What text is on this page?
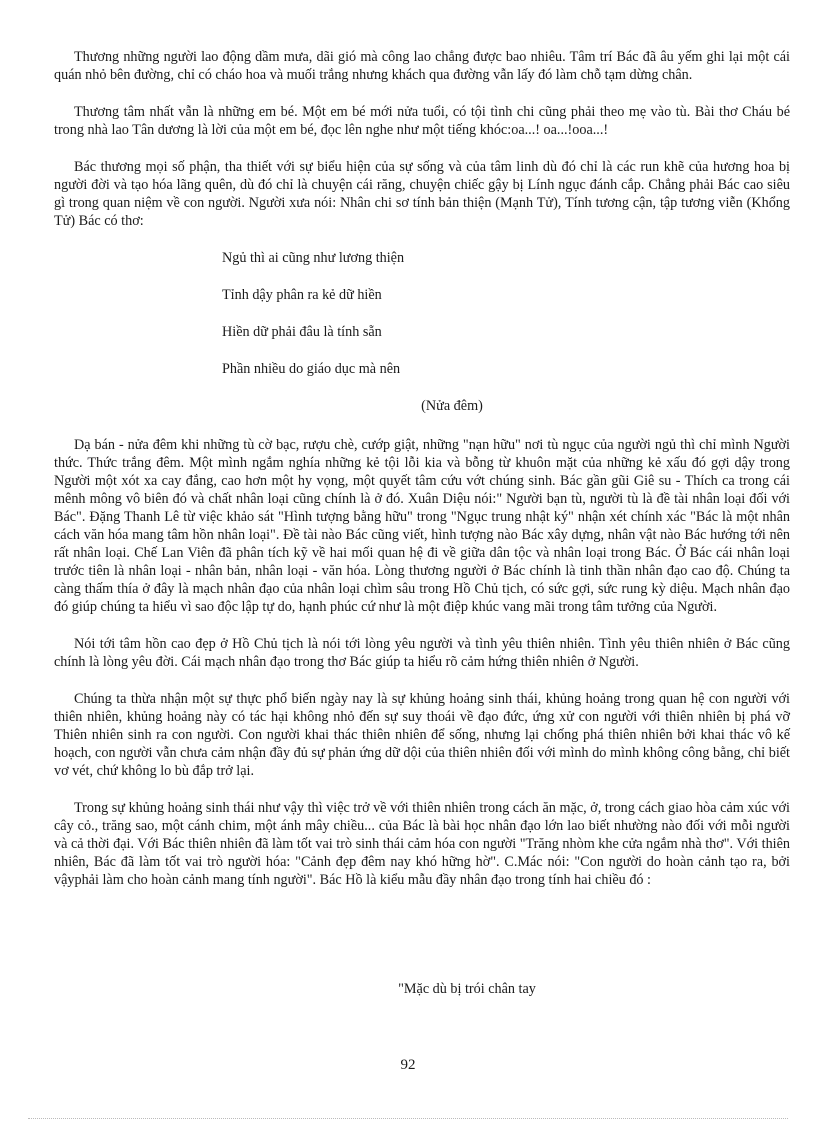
Thương những người lao động dầm mưa, dãi gió mà công lao chẳng được bao nhiêu. Tâm trí Bác đã âu yếm ghi lại một cái quán nhỏ bên đường, chỉ có cháo hoa và muối trắng nhưng khách qua đường vẫn lấy đó làm chỗ tạm dừng chân.

Thương tâm nhất vẫn là những em bé. Một em bé mới nửa tuổi, có tội tình chi cũng phải theo mẹ vào tù. Bài thơ Cháu bé trong nhà lao Tân dương là lời của một em bé, đọc lên nghe như một tiếng khóc:oa...! oa...!ooa...!

Bác thương mọi số phận, tha thiết với sự biểu hiện của sự sống và của tâm linh dù đó chỉ là các run khẽ của hương hoa bị người đời và tạo hóa lãng quên, dù đó chỉ là chuyện cái răng, chuyện chiếc gậy bị Lính ngục đánh cắp. Chẳng phải Bác cao siêu gì trong quan niệm về con người. Người xưa nói: Nhân chi sơ tính bản thiện (Mạnh Tử), Tính tương cận, tập tương viễn (Khổng Tử) Bác có thơ:

Ngủ thì ai cũng như lương thiện

Tỉnh dậy phân ra kẻ dữ hiền

Hiền dữ phải đâu là tính sẵn

Phần nhiều do giáo dục mà nên

(Nửa đêm)

Dạ bán - nửa đêm khi những tù cờ bạc, rượu chè, cướp giật, những "nạn hữu" nơi tù ngục của người ngủ thì chỉ mình Người thức. Thức trắng đêm. Một mình ngắm nghía những kẻ tội lỗi kia và bỗng từ khuôn mặt của những kẻ xấu đó gợi dậy trong Người một xót xa cay đắng, cao hơn một hy vọng, một quyết tâm cứu vớt chúng sinh. Bác gần gũi Giê su - Thích ca trong cái mênh mông vô biên đó và chất nhân loại cũng chính là ở đó. Xuân Diệu nói:" Người bạn tù, người tù là đề tài nhân loại đối với Bác". Đặng Thanh Lê từ việc khảo sát "Hình tượng bằng hữu" trong "Ngục trung nhật ký" nhận xét chính xác "Bác là một nhân cách văn hóa mang tâm hồn nhân loại". Đề tài nào Bác cũng viết, hình tượng nào Bác xây dựng, nhân vật nào Bác hướng tới nên rất nhân loại. Chế Lan Viên đã phân tích kỹ về hai mối quan hệ đi về giữa dân tộc và nhân loại trong Bác. Ở Bác cái nhân loại trước tiên là nhân loại - nhân bản, nhân loại - văn hóa. Lòng thương người ở Bác chính là tinh thần nhân đạo cao độ. Chúng ta càng thấm thía ở đây là mạch nhân đạo của nhân loại chìm sâu trong Hồ Chủ tịch, có sức gợi, sức rung kỳ diệu. Mạch nhân đạo đó giúp chúng ta hiểu vì sao độc lập tự do, hạnh phúc cứ như là một điệp khúc vang mãi trong tâm tưởng của Người.

Nói tới tâm hồn cao đẹp ở Hồ Chủ tịch là nói tới lòng yêu người và tình yêu thiên nhiên. Tình yêu thiên nhiên ở Bác cũng chính là lòng yêu đời. Cái mạch nhân đạo trong thơ Bác giúp ta hiểu rõ cảm hứng thiên nhiên ở Người.

Chúng ta thừa nhận một sự thực phổ biến ngày nay là sự khủng hoảng sinh thái, khủng hoảng trong quan hệ con người với thiên nhiên, khủng hoảng này có tác hại không nhỏ đến sự suy thoái về đạo đức, ứng xử con người với thiên nhiên bị phá vỡ Thiên nhiên sinh ra con người. Con người khai thác thiên nhiên để sống, nhưng lại chống phá thiên nhiên bởi khai thác vô kế hoạch, con người vẫn chưa cảm nhận đầy đủ sự phản ứng dữ dội của thiên nhiên đối với mình do mình không công bằng, chỉ biết vơ vét, chứ không lo bù đắp trở lại.

Trong sự khủng hoảng sinh thái như vậy thì việc trở về với thiên nhiên trong cách ăn mặc, ở, trong cách giao hòa cảm xúc với cây cỏ., trăng sao, một cánh chim, một ánh mây chiều... của Bác là bài học nhân đạo lớn lao biết nhường nào đối với mỗi người và cả thời đại. Với Bác thiên nhiên đã làm tốt vai trò sinh thái cảm hóa con người "Trăng nhòm khe cửa ngắm nhà thơ". Với thiên nhiên, Bác đã làm tốt vai trò người hóa: "Cảnh đẹp đêm nay khó hững hờ". C.Mác nói: "Con người do hoàn cảnh tạo ra, bởi vậyphải làm cho hoàn cảnh mang tính người". Bác Hồ là kiểu mẫu đầy nhân đạo trong tính hai chiều đó :

"Mặc dù bị trói chân tay

92
